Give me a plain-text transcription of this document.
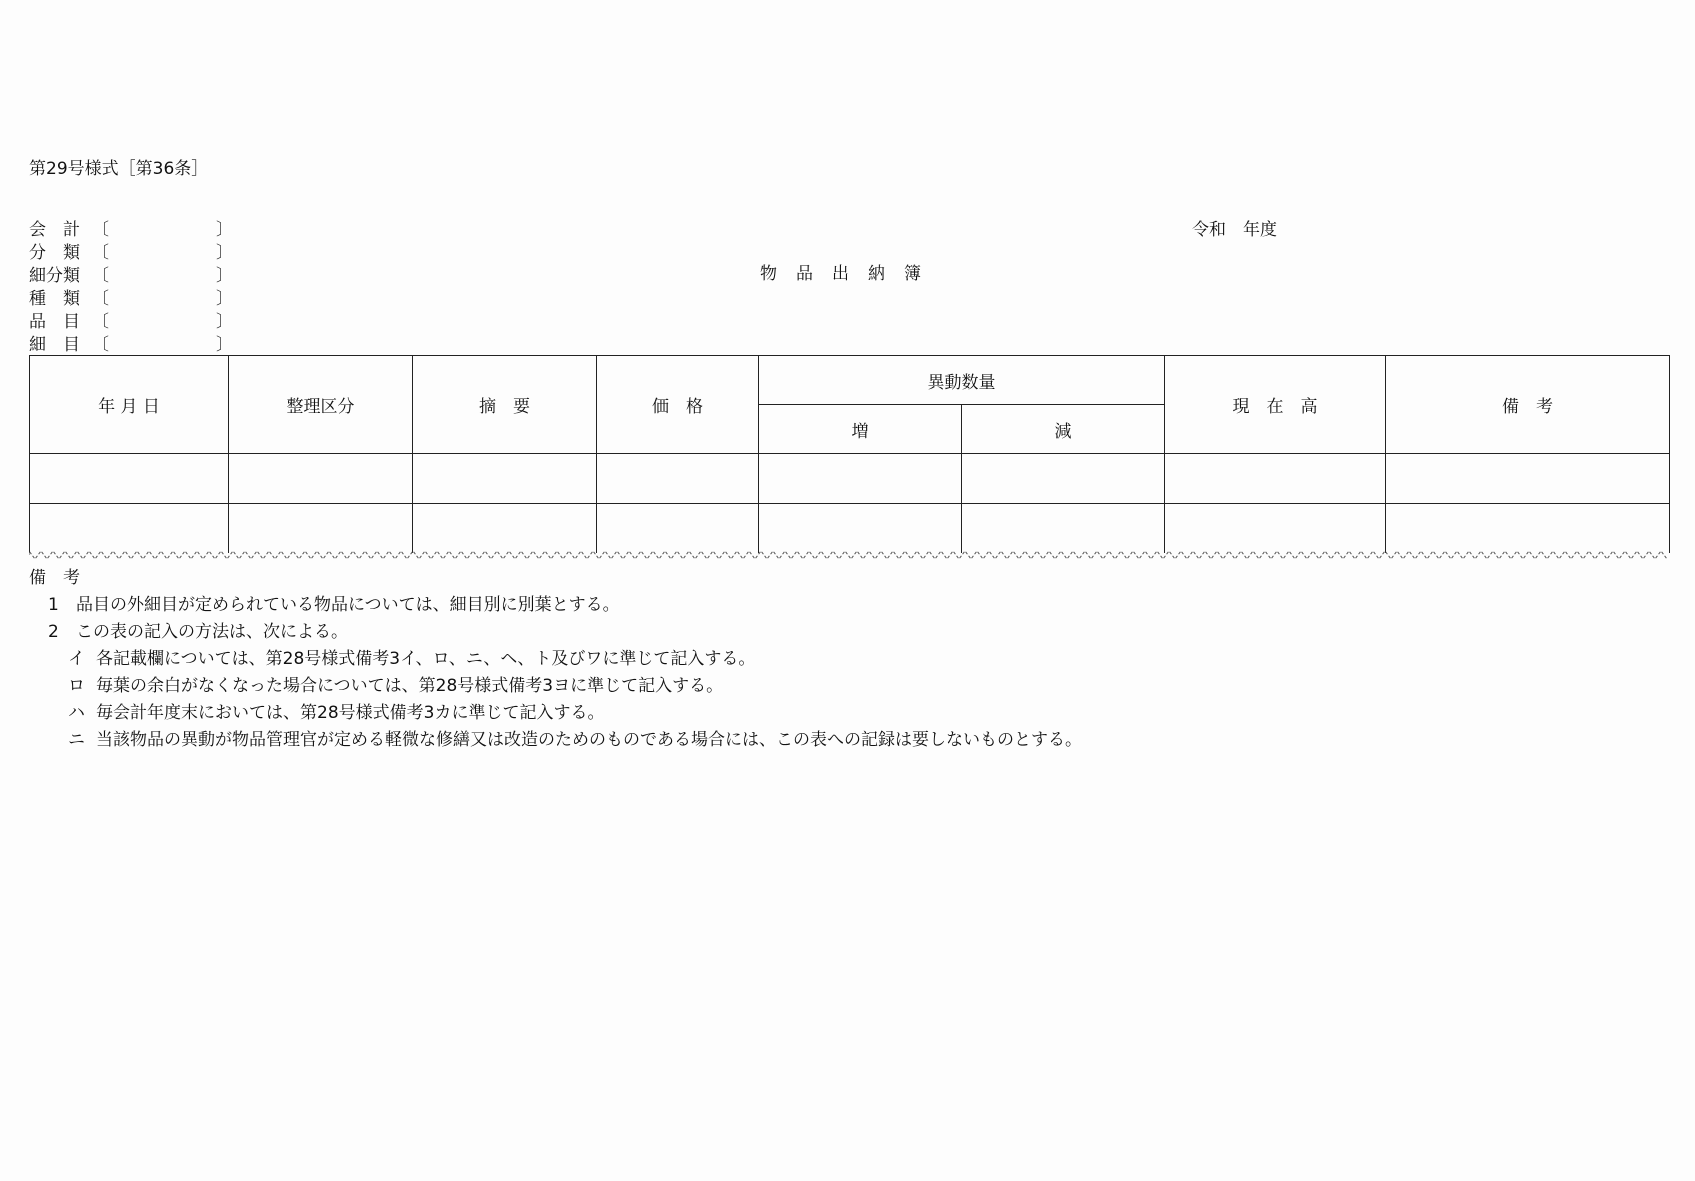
第29号様式［第36条］
会　計 〔	〕
分　類 〔	〕
細分類 〔	〕
種　類 〔	〕
品　目 〔	〕
細　目 〔	〕
令和　年度
物　品　出　納　簿
年 月 日	整理区分	摘　要	価　格	異動数量		現　在　高	備　考
				増	減		

備　考
1	品目の外細目が定められている物品については、細目別に別葉とする。
2	この表の記入の方法は、次による。
イ 各記載欄については、第28号様式備考3イ、ロ、ニ、ヘ、ト及びワに準じて記入する。
ロ 毎葉の余白がなくなった場合については、第28号様式備考3ヨに準じて記入する。
ハ 毎会計年度末においては、第28号様式備考3カに準じて記入する。
ニ 当該物品の異動が物品管理官が定める軽微な修繕又は改造のためのものである場合には、この表への記録は要しないものとする。
